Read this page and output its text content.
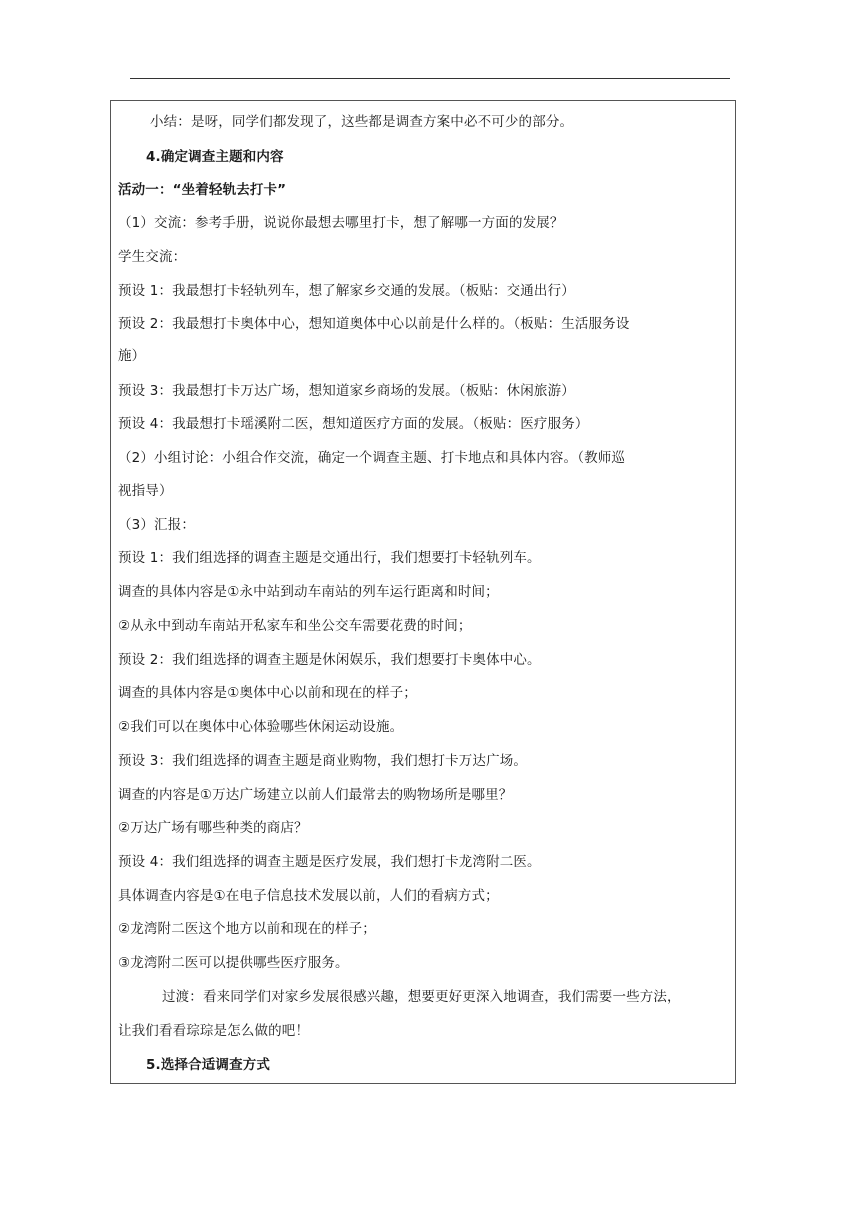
小结：是呀，同学们都发现了，这些都是调查方案中必不可少的部分。
4.确定调查主题和内容
活动一：“坐着轻轨去打卡”
（1）交流：参考手册，说说你最想去哪里打卡，想了解哪一方面的发展？
学生交流：
预设 1：我最想打卡轻轨列车，想了解家乡交通的发展。（板贴：交通出行）
预设 2：我最想打卡奥体中心，想知道奥体中心以前是什么样的。（板贴：生活服务设
施）
预设 3：我最想打卡万达广场，想知道家乡商场的发展。（板贴：休闲旅游）
预设 4：我最想打卡瑶溪附二医，想知道医疗方面的发展。（板贴：医疗服务）
（2）小组讨论：小组合作交流，确定一个调查主题、打卡地点和具体内容。（教师巡
视指导）
（3）汇报：
预设 1：我们组选择的调查主题是交通出行，我们想要打卡轻轨列车。
调查的具体内容是①永中站到动车南站的列车运行距离和时间；
②从永中到动车南站开私家车和坐公交车需要花费的时间；
预设 2：我们组选择的调查主题是休闲娱乐，我们想要打卡奥体中心。
调查的具体内容是①奥体中心以前和现在的样子；
②我们可以在奥体中心体验哪些休闲运动设施。
预设 3：我们组选择的调查主题是商业购物，我们想打卡万达广场。
调查的内容是①万达广场建立以前人们最常去的购物场所是哪里？
②万达广场有哪些种类的商店？
预设 4：我们组选择的调查主题是医疗发展，我们想打卡龙湾附二医。
具体调查内容是①在电子信息技术发展以前，人们的看病方式；
②龙湾附二医这个地方以前和现在的样子；
③龙湾附二医可以提供哪些医疗服务。
过渡：看来同学们对家乡发展很感兴趣，想要更好更深入地调查，我们需要一些方法，
让我们看看琮琮是怎么做的吧！
5.选择合适调查方式
